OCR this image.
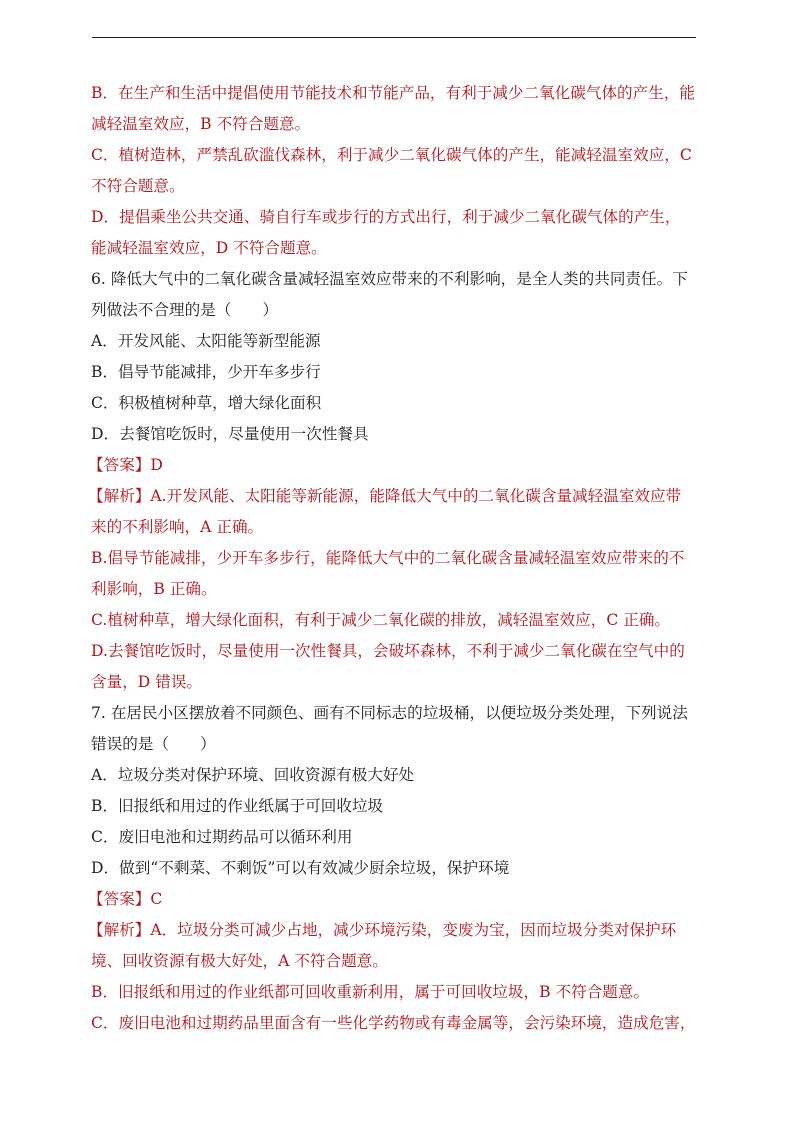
B．在生产和生活中提倡使用节能技术和节能产品，有利于减少二氧化碳气体的产生，能
减轻温室效应，B 不符合题意。
C．植树造林，严禁乱砍滥伐森林，利于减少二氧化碳气体的产生，能减轻温室效应，C
不符合题意。
D．提倡乘坐公共交通、骑自行车或步行的方式出行，利于减少二氧化碳气体的产生，
能减轻温室效应，D 不符合题意。
6. 降低大气中的二氧化碳含量减轻温室效应带来的不利影响，是全人类的共同责任。下
列做法不合理的是（　　）
A．开发风能、太阳能等新型能源
B．倡导节能减排，少开车多步行
C．积极植树种草，增大绿化面积
D．去餐馆吃饭时，尽量使用一次性餐具
【答案】D
【解析】A.开发风能、太阳能等新能源，能降低大气中的二氧化碳含量减轻温室效应带
来的不利影响，A 正确。
B.倡导节能减排，少开车多步行，能降低大气中的二氧化碳含量减轻温室效应带来的不
利影响，B 正确。
C.植树种草，增大绿化面积，有利于减少二氧化碳的排放，减轻温室效应，C 正确。
D.去餐馆吃饭时，尽量使用一次性餐具，会破坏森林，不利于减少二氧化碳在空气中的
含量，D 错误。
7. 在居民小区摆放着不同颜色、画有不同标志的垃圾桶，以便垃圾分类处理，下列说法
错误的是（　　）
A．垃圾分类对保护环境、回收资源有极大好处
B．旧报纸和用过的作业纸属于可回收垃圾
C．废旧电池和过期药品可以循环利用
D．做到“不剩菜、不剩饭”可以有效减少厨余垃圾，保护环境
【答案】C
【解析】A．垃圾分类可减少占地，减少环境污染，变废为宝，因而垃圾分类对保护环
境、回收资源有极大好处，A 不符合题意。
B．旧报纸和用过的作业纸都可回收重新利用，属于可回收垃圾，B 不符合题意。
C．废旧电池和过期药品里面含有一些化学药物或有毒金属等，会污染环境，造成危害，
